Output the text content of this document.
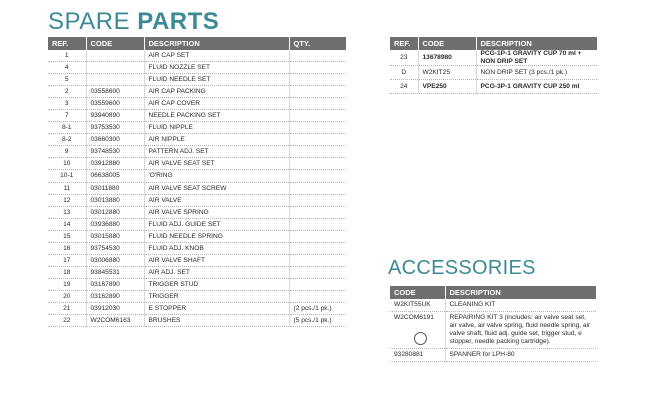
SPARE PARTS
REF.	CODE	DESCRIPTION	QTY.
1		AIR CAP SET	
4		FLUID NOZZLE SET	
5		FLUID NEEDLE SET	
2	03558600	AIR CAP PACKING	
3	03559600	AIR CAP COVER	
7	93940890	NEEDLE PACKING SET	
8-1	93753530	FLUID NIPPLE	
8-2	03660300	AIR NIPPLE	
9	93748530	PATTERN ADJ. SET	
10	03912880	AIR VALVE SEAT SET	
10-1	06638005	'O'RING	
11	03011880	AIR VALVE SEAT SCREW	
12	03013880	AIR VALVE	
13	03012880	AIR VALVE SPRING	
14	03936880	FLUID ADJ. GUIDE SET	
15	03015880	FLUID NEEDLE SPRING	
16	93754530	FLUID ADJ. KNOB	
17	03006880	AIR VALVE SHAFT	
18	93845531	AIR ADJ. SET	
19	03167890	TRIGGER STUD	
20	03162890	TRIGGER	
21	03912030	E STOPPER	(2 pcs./1 pk.)
22	W2COM6163	BRUSHES	(5 pcs./1 pk.)
REF.	CODE	DESCRIPTION
23	13678980	PCG-1P-1 GRAVITY CUP 70 ml + NON DRIP SET
D	W2KIT25	NON DRIP SET (3 pcs./1 pk.)
24	VPE250	PCG-3P-1 GRAVITY CUP 250 ml
ACCESSORIES
CODE	DESCRIPTION
W2KIT55UK	CLEANING KIT
W2COM6191	REPAIRING KIT 3 (includes: air valve seat set, air valve, air valve spring, fluid needle spring, air valve shaft, fluid adj. guide set, trigger stud, e stopper, needle packing cartridge).
93280881	SPANNER for LPH-80
